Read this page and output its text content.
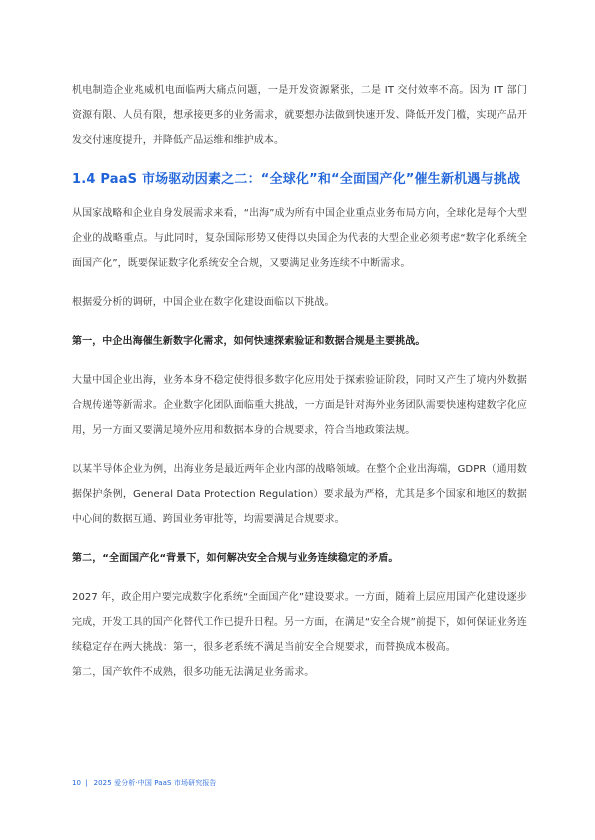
机电制造企业兆威机电面临两大痛点问题，一是开发资源紧张，二是 IT 交付效率不高。因为 IT 部门资源有限、人员有限，想承接更多的业务需求，就要想办法做到快速开发、降低开发门槛，实现产品开发交付速度提升，并降低产品运维和维护成本。

1.4 PaaS 市场驱动因素之二：“全球化”和“全面国产化”催生新机遇与挑战

从国家战略和企业自身发展需求来看，“出海”成为所有中国企业重点业务布局方向，全球化是每个大型企业的战略重点。与此同时，复杂国际形势又使得以央国企为代表的大型企业必须考虑“数字化系统全面国产化”，既要保证数字化系统安全合规，又要满足业务连续不中断需求。

根据爱分析的调研，中国企业在数字化建设面临以下挑战。

第一，中企出海催生新数字化需求，如何快速探索验证和数据合规是主要挑战。

大量中国企业出海，业务本身不稳定使得很多数字化应用处于探索验证阶段，同时又产生了境内外数据合规传递等新需求。企业数字化团队面临重大挑战，一方面是针对海外业务团队需要快速构建数字化应用，另一方面又要满足境外应用和数据本身的合规要求，符合当地政策法规。

以某半导体企业为例，出海业务是最近两年企业内部的战略领域。在整个企业出海端，GDPR（通用数据保护条例，General Data Protection Regulation）要求最为严格，尤其是多个国家和地区的数据中心间的数据互通、跨国业务审批等，均需要满足合规要求。

第二，“全面国产化“背景下，如何解决安全合规与业务连续稳定的矛盾。

2027 年，政企用户要完成数字化系统“全面国产化”建设要求。一方面，随着上层应用国产化建设逐步完成，开发工具的国产化替代工作已提升日程。另一方面，在满足“安全合规”前提下，如何保证业务连续稳定存在两大挑战：第一，很多老系统不满足当前安全合规要求，而替换成本极高。

第二，国产软件不成熟，很多功能无法满足业务需求。

10 | 2025 爱分析·中国 PaaS 市场研究报告
